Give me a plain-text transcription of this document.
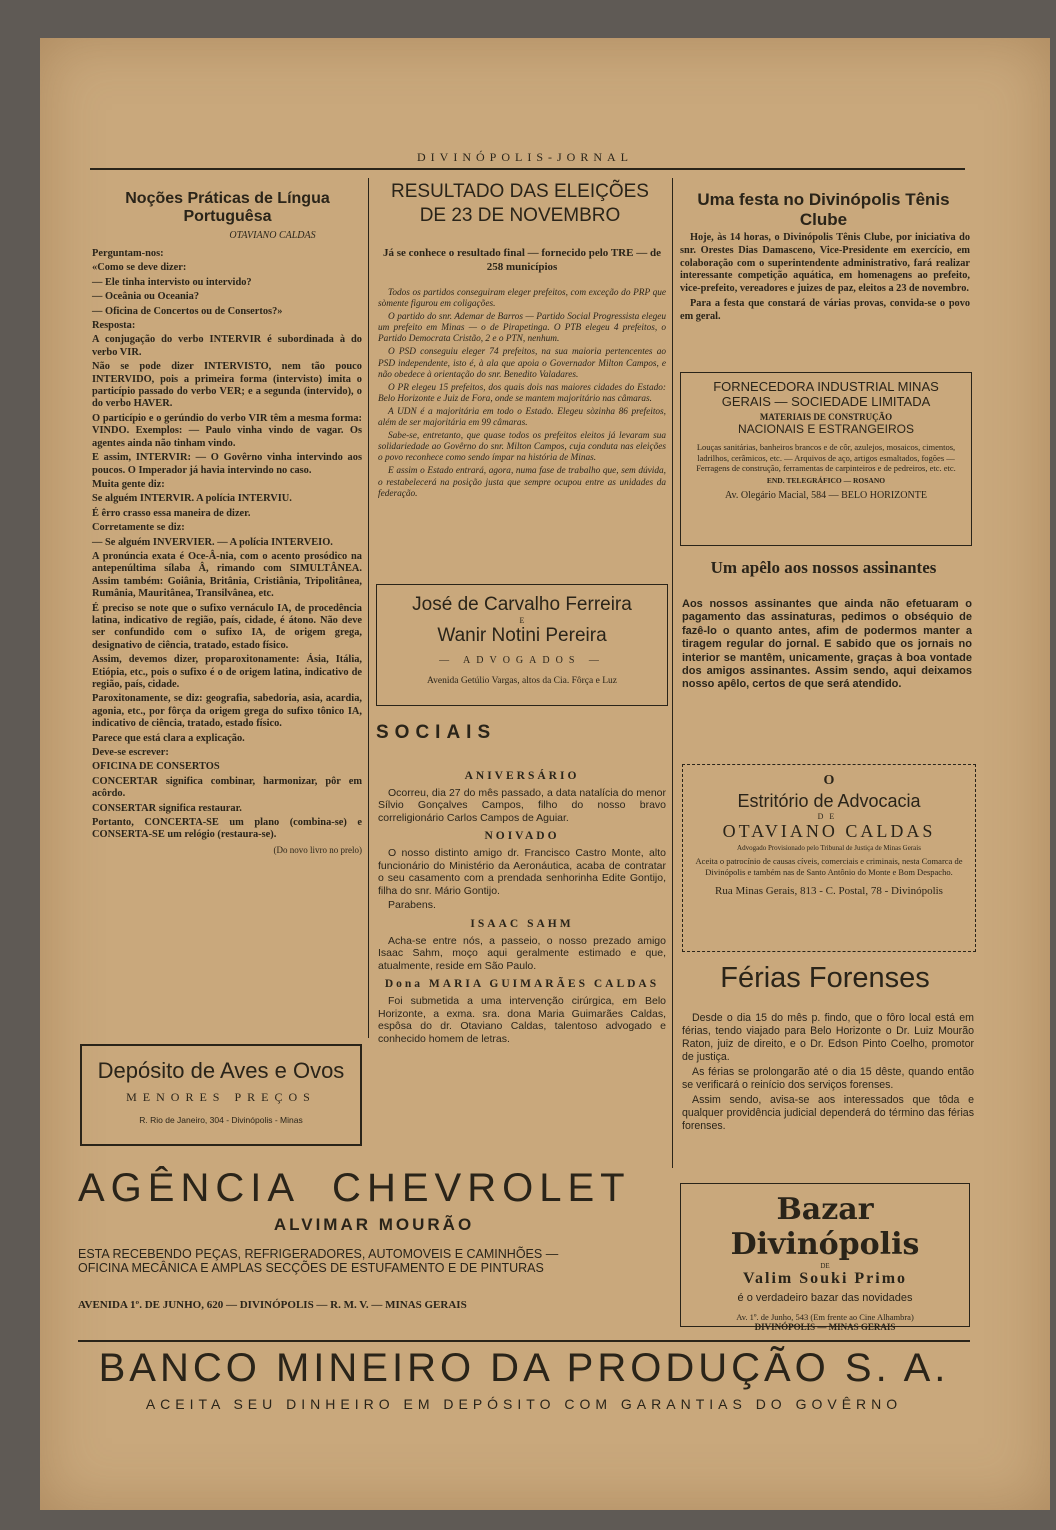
DIVINÓPOLIS-JORNAL
Noções Práticas de Língua Portuguêsa
OTAVIANO CALDAS

Perguntam-nos:

«Como se deve dizer:

— Ele tinha intervisto ou intervido?

— Oceânia ou Oceania?

— Oficina de Concertos ou de Consertos?»

Resposta:

A conjugação do verbo INTERVIR é subordinada à do verbo VIR.

Não se pode dizer INTERVISTO, nem tão pouco INTERVIDO, pois a primeira forma (intervisto) imita o particípio passado do verbo VER; e a segunda (intervido), o do verbo HAVER.

O particípio e o gerúndio do verbo VIR têm a mesma forma: VINDO. Exemplos: — Paulo vinha vindo de vagar. Os agentes ainda não tinham vindo.

E assim, INTERVIR: — O Govêrno vinha intervindo aos poucos. O Imperador já havia intervindo no caso.

Muita gente diz:

Se alguém INTERVIR. A polícia INTERVIU.

É êrro crasso essa maneira de dizer.

Corretamente se diz:

— Se alguém INVERVIER. — A polícia INTERVEIO.

A pronúncia exata é Oce-Â-nia, com o acento prosódico na antepenúltima sílaba Â, rimando com SIMULTÂNEA. Assim também: Goiânia, Britânia, Cristiânia, Tripolitânea, Rumânia, Mauritânea, Transilvânea, etc.

É preciso se note que o sufixo vernáculo IA, de procedência latina, indicativo de região, país, cidade, é átono. Não deve ser confundido com o sufixo IA, de origem grega, designativo de ciência, tratado, estado físico.

Assim, devemos dizer, proparoxitonamente: Ásia, Itália, Etiópia, etc., pois o sufixo é o de origem latina, indicativo de região, país, cidade.

Paroxitonamente, se diz: geografia, sabedoria, asia, acardia, agonia, etc., por fôrça da origem grega do sufixo tônico IA, indicativo de ciência, tratado, estado físico.

Parece que está clara a explicação.

Deve-se escrever:

OFICINA DE CONSERTOS

CONCERTAR significa combinar, harmonizar, pôr em acôrdo.

CONSERTAR significa restaurar.

Portanto, CONCERTA-SE um plano (combina-se) e CONSERTA-SE um relógio (restaura-se).

(Do novo livro no prelo)

Depósito de Aves e Ovos
MENORES PREÇOS
R. Rio de Janeiro, 304 - Divinópolis - Minas
RESULTADO DAS ELEIÇÕES
DE 23 DE NOVEMBRO
Já se conhece o resultado final — fornecido pelo TRE — de 258 municípios

Todos os partidos conseguiram eleger prefeitos, com exceção do PRP que sòmente figurou em coligações.

O partido do snr. Ademar de Barros — Partido Social Progressista elegeu um prefeito em Minas — o de Pirapetinga. O PTB elegeu 4 prefeitos, o Partido Democrata Cristão, 2 e o PTN, nenhum.

O PSD conseguiu eleger 74 prefeitos, na sua maioria pertencentes ao PSD independente, isto é, à ala que apoia o Governador Milton Campos, e não obedece à orientação do snr. Benedito Valadares.

O PR elegeu 15 prefeitos, dos quais dois nas maiores cidades do Estado: Belo Horizonte e Juiz de Fora, onde se mantem majoritário nas câmaras.

A UDN é a majoritária em todo o Estado. Elegeu sòzinha 86 prefeitos, além de ser majoritária em 99 câmaras.

Sabe-se, entretanto, que quase todos os prefeitos eleitos já levaram sua solidariedade ao Govêrno do snr. Milton Campos, cuja conduta nas eleições o povo reconhece como sendo ímpar na história de Minas.

E assim o Estado entrará, agora, numa fase de trabalho que, sem dúvida, o restabelecerá na posição justa que sempre ocupou entre as unidades da federação.

José de Carvalho Ferreira
E
Wanir Notini Pereira
— ADVOGADOS —
Avenida Getúlio Vargas, altos da Cia. Fôrça e Luz
SOCIAIS

ANIVERSÁRIO

Ocorreu, dia 27 do mês passado, a data natalícia do menor Sílvio Gonçalves Campos, filho do nosso bravo correligionário Carlos Campos de Aguiar.

NOIVADO

O nosso distinto amigo dr. Francisco Castro Monte, alto funcionário do Ministério da Aeronáutica, acaba de contratar o seu casamento com a prendada senhorinha Edite Gontijo, filha do snr. Mário Gontijo.

Parabens.

ISAAC SAHM

Acha-se entre nós, a passeio, o nosso prezado amigo Isaac Sahm, moço aqui geralmente estimado e que, atualmente, reside em São Paulo.

Dona MARIA GUIMARÃES CALDAS

Foi submetida a uma intervenção cirúrgica, em Belo Horizonte, a exma. sra. dona Maria Guimarães Caldas, espôsa do dr. Otaviano Caldas, talentoso advogado e conhecido homem de letras.

Uma festa no Divinópolis Tênis Clube

Hoje, às 14 horas, o Divinópolis Tênis Clube, por iniciativa do snr. Orestes Dias Damasceno, Vice-Presidente em exercício, em colaboração com o superintendente administrativo, fará realizar interessante competição aquática, em homenagens ao prefeito, vice-prefeito, vereadores e juizes de paz, eleitos a 23 de novembro.

Para a festa que constará de várias provas, convida-se o povo em geral.

FORNECEDORA INDUSTRIAL MINAS
GERAIS — SOCIEDADE LIMITADA
MATERIAIS DE CONSTRUÇÃO
NACIONAIS E ESTRANGEIROS
Louças sanitárias, banheiros brancos e de côr, azulejos, mosaicos, cimentos, ladrilhos, cerâmicos, etc. — Arquivos de aço, artigos esmaltados, fogões — Ferragens de construção, ferramentas de carpinteiros e de pedreiros, etc. etc.
END. TELEGRÁFICO — ROSANO
Av. Olegário Macial, 584 — BELO HORIZONTE
Um apêlo aos nossos assinantes
Aos nossos assinantes que ainda não efetuaram o pagamento das assinaturas, pedimos o obséquio de fazê-lo o quanto antes, afim de podermos manter a tiragem regular do jornal. E sabido que os jornais no interior se mantêm, unicamente, graças à boa vontade dos amigos assinantes. Assim sendo, aqui deixamos nosso apêlo, certos de que será atendido.
O
Estritório de Advocacia
DE
OTAVIANO CALDAS
Advogado Provisionado pelo Tribunal de Justiça de Minas Gerais
Aceita o patrocínio de causas cíveis, comerciais e criminais, nesta Comarca de Divinópolis e também nas de Santo Antônio do Monte e Bom Despacho.
Rua Minas Gerais, 813 - C. Postal, 78 - Divinópolis
Férias Forenses

Desde o dia 15 do mês p. findo, que o fôro local está em férias, tendo viajado para Belo Horizonte o Dr. Luiz Mourão Raton, juiz de direito, e o Dr. Edson Pinto Coelho, promotor de justiça.

As férias se prolongarão até o dia 15 dêste, quando então se verificará o reinício dos serviços forenses.

Assim sendo, avisa-se aos interessados que tôda e qualquer providência judicial dependerá do término das férias forenses.

AGÊNCIA  CHEVROLET
ALVIMAR MOURÃO
ESTA RECEBENDO PEÇAS, REFRIGERADORES, AUTOMOVEIS E CAMINHÕES —
OFICINA MECÂNICA E AMPLAS SECÇÕES DE ESTUFAMENTO E DE PINTURAS
AVENIDA 1º. DE JUNHO, 620 — DIVINÓPOLIS — R. M. V. — MINAS GERAIS
Bazar Divinópolis
DE
Valim Souki Primo
é o verdadeiro bazar das novidades
Av. 1º. de Junho, 543 (Em frente ao Cine Alhambra)
DIVINÓPOLIS — MINAS GERAIS
BANCO MINEIRO DA PRODUÇÃO S. A.
ACEITA SEU DINHEIRO EM DEPÓSITO COM GARANTIAS DO GOVÊRNO
